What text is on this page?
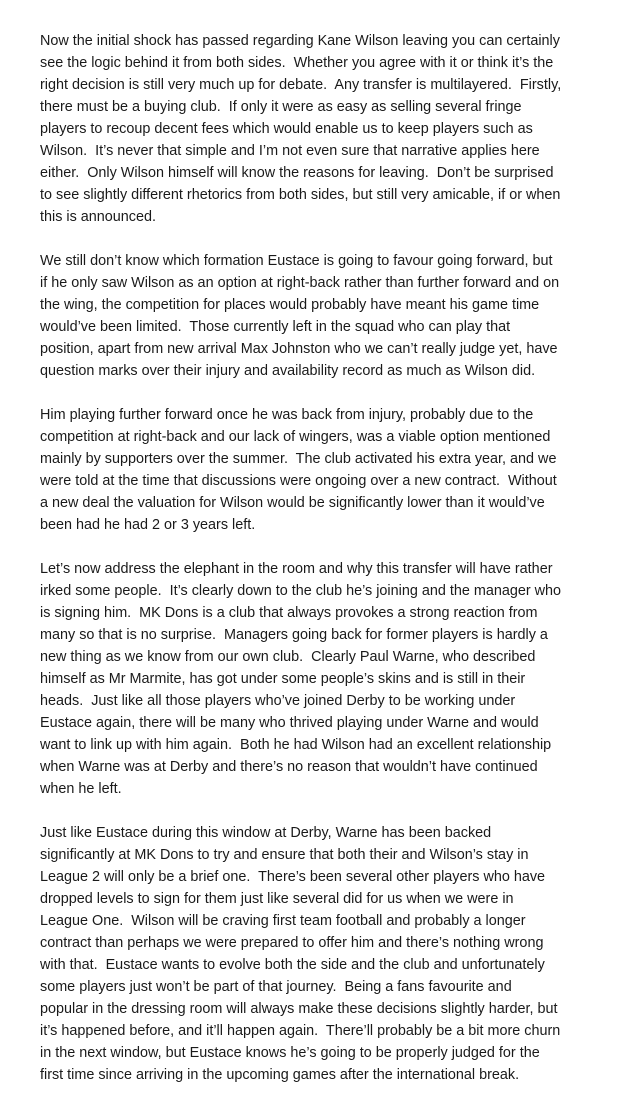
Now the initial shock has passed regarding Kane Wilson leaving you can certainly
see the logic behind it from both sides.  Whether you agree with it or think it’s the
right decision is still very much up for debate.  Any transfer is multilayered.  Firstly,
there must be a buying club.  If only it were as easy as selling several fringe
players to recoup decent fees which would enable us to keep players such as
Wilson.  It’s never that simple and I’m not even sure that narrative applies here
either.  Only Wilson himself will know the reasons for leaving.  Don’t be surprised
to see slightly different rhetorics from both sides, but still very amicable, if or when
this is announced.

We still don’t know which formation Eustace is going to favour going forward, but
if he only saw Wilson as an option at right-back rather than further forward and on
the wing, the competition for places would probably have meant his game time
would’ve been limited.  Those currently left in the squad who can play that
position, apart from new arrival Max Johnston who we can’t really judge yet, have
question marks over their injury and availability record as much as Wilson did.

Him playing further forward once he was back from injury, probably due to the
competition at right-back and our lack of wingers, was a viable option mentioned
mainly by supporters over the summer.  The club activated his extra year, and we
were told at the time that discussions were ongoing over a new contract.  Without
a new deal the valuation for Wilson would be significantly lower than it would’ve
been had he had 2 or 3 years left.

Let’s now address the elephant in the room and why this transfer will have rather
irked some people.  It’s clearly down to the club he’s joining and the manager who
is signing him.  MK Dons is a club that always provokes a strong reaction from
many so that is no surprise.  Managers going back for former players is hardly a
new thing as we know from our own club.  Clearly Paul Warne, who described
himself as Mr Marmite, has got under some people’s skins and is still in their
heads.  Just like all those players who’ve joined Derby to be working under
Eustace again, there will be many who thrived playing under Warne and would
want to link up with him again.  Both he had Wilson had an excellent relationship
when Warne was at Derby and there’s no reason that wouldn’t have continued
when he left.

Just like Eustace during this window at Derby, Warne has been backed
significantly at MK Dons to try and ensure that both their and Wilson’s stay in
League 2 will only be a brief one.  There’s been several other players who have
dropped levels to sign for them just like several did for us when we were in
League One.  Wilson will be craving first team football and probably a longer
contract than perhaps we were prepared to offer him and there’s nothing wrong
with that.  Eustace wants to evolve both the side and the club and unfortunately
some players just won’t be part of that journey.  Being a fans favourite and
popular in the dressing room will always make these decisions slightly harder, but
it’s happened before, and it’ll happen again.  There’ll probably be a bit more churn
in the next window, but Eustace knows he’s going to be properly judged for the
first time since arriving in the upcoming games after the international break.
